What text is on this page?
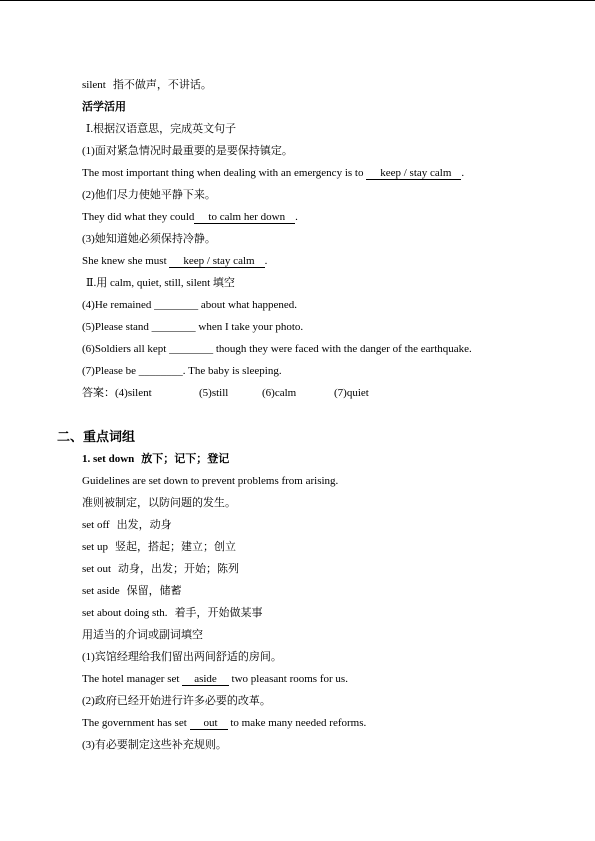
silent 指不做声，不讲话。
活学活用
Ⅰ.根据汉语意思，完成英文句子
(1)面对紧急情况时最重要的是要保持镇定。
The most important thing when dealing with an emergency is to keep / stay calm .
(2)他们尽力使她平静下来。
They did what they could to calm her down .
(3)她知道她必须保持冷静。
She knew she must keep / stay calm .
Ⅱ.用 calm, quiet, still, silent 填空
(4)He remained ________ about what happened.
(5)Please stand ________ when I take your photo.
(6)Soldiers all kept ________ though they were faced with the danger of the earthquake.
(7)Please be ________. The baby is sleeping.

答案：

(4)silent

	(5)still

	(6)calm

	(7)quiet

二、重点词组
1. set down 放下；记下；登记
Guidelines are set down to prevent problems from arising.
准则被制定，以防问题的发生。
set off 出发，动身
set up 竖起，搭起；建立；创立
set out 动身，出发；开始；陈列
set aside 保留，储蓄
set about doing sth. 着手，开始做某事
用适当的介词或副词填空
(1)宾馆经理给我们留出两间舒适的房间。
The hotel manager set aside two pleasant rooms for us.
(2)政府已经开始进行许多必要的改革。
The government has set out to make many needed reforms.
(3)有必要制定这些补充规则。
